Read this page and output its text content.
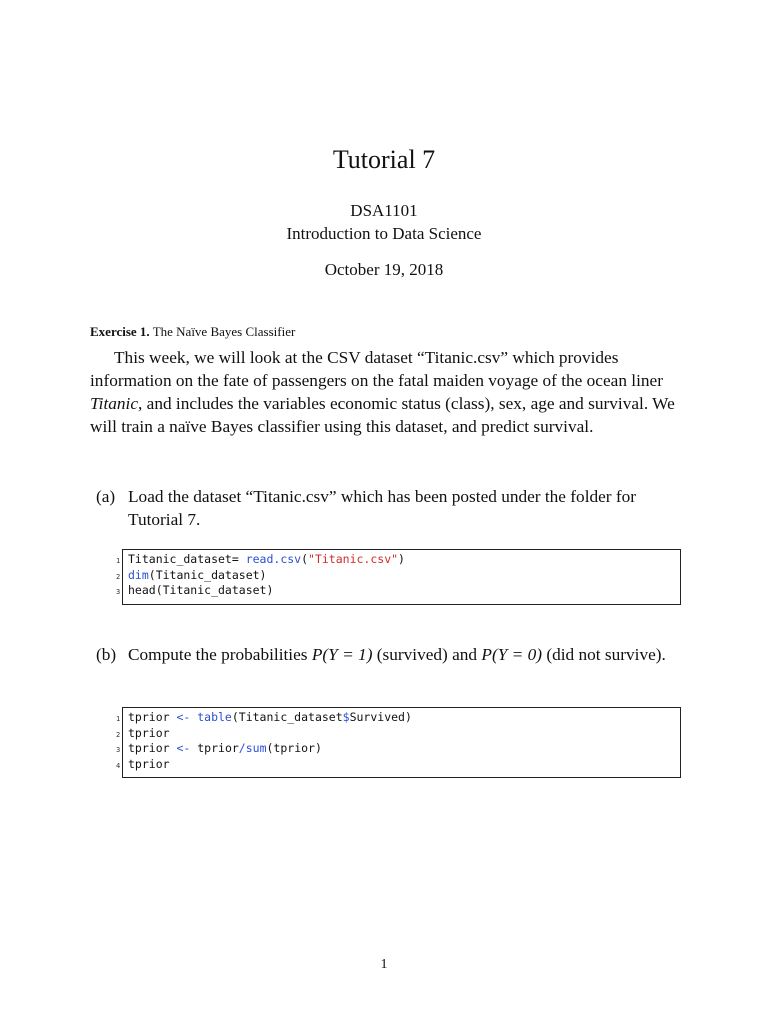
Tutorial 7
DSA1101
Introduction to Data Science
October 19, 2018
Exercise 1. The Naïve Bayes Classifier

This week, we will look at the CSV dataset “Titanic.csv” which provides information on the fate of passengers on the fatal maiden voyage of the ocean liner Titanic, and includes the variables economic status (class), sex, age and survival. We will train a naïve Bayes classifier using this dataset, and predict survival.

(a) Load the dataset “Titanic.csv” which has been posted under the folder for Tutorial 7.
1 Titanic_dataset= read.csv("Titanic.csv")
2 dim(Titanic_dataset)
3 head(Titanic_dataset)
(b) Compute the probabilities P(Y = 1) (survived) and P(Y = 0) (did not survive).
1 tprior <- table(Titanic_dataset$Survived)
2 tprior
3 tprior <- tprior/sum(tprior)
4 tprior
1
